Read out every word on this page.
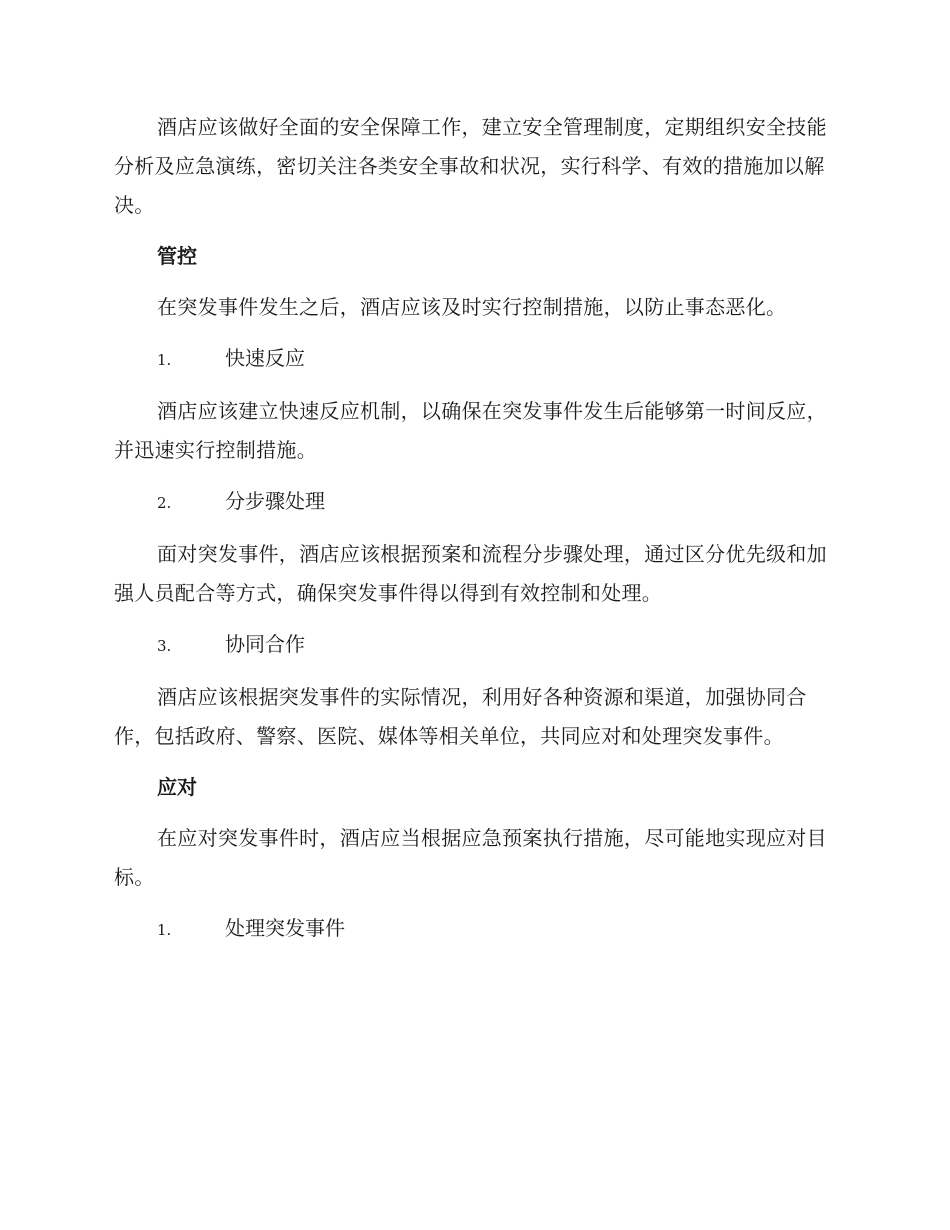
酒店应该做好全面的安全保障工作，建立安全管理制度，定期组织安全技能分析及应急演练，密切关注各类安全事故和状况，实行科学、有效的措施加以解决。

管控

在突发事件发生之后，酒店应该及时实行控制措施，以防止事态恶化。

1.	快速反应

酒店应该建立快速反应机制，以确保在突发事件发生后能够第一时间反应，并迅速实行控制措施。

2.	分步骤处理

面对突发事件，酒店应该根据预案和流程分步骤处理，通过区分优先级和加强人员配合等方式，确保突发事件得以得到有效控制和处理。

3.	协同合作

酒店应该根据突发事件的实际情况，利用好各种资源和渠道，加强协同合作，包括政府、警察、医院、媒体等相关单位，共同应对和处理突发事件。

应对

在应对突发事件时，酒店应当根据应急预案执行措施，尽可能地实现应对目标。

1.	处理突发事件
